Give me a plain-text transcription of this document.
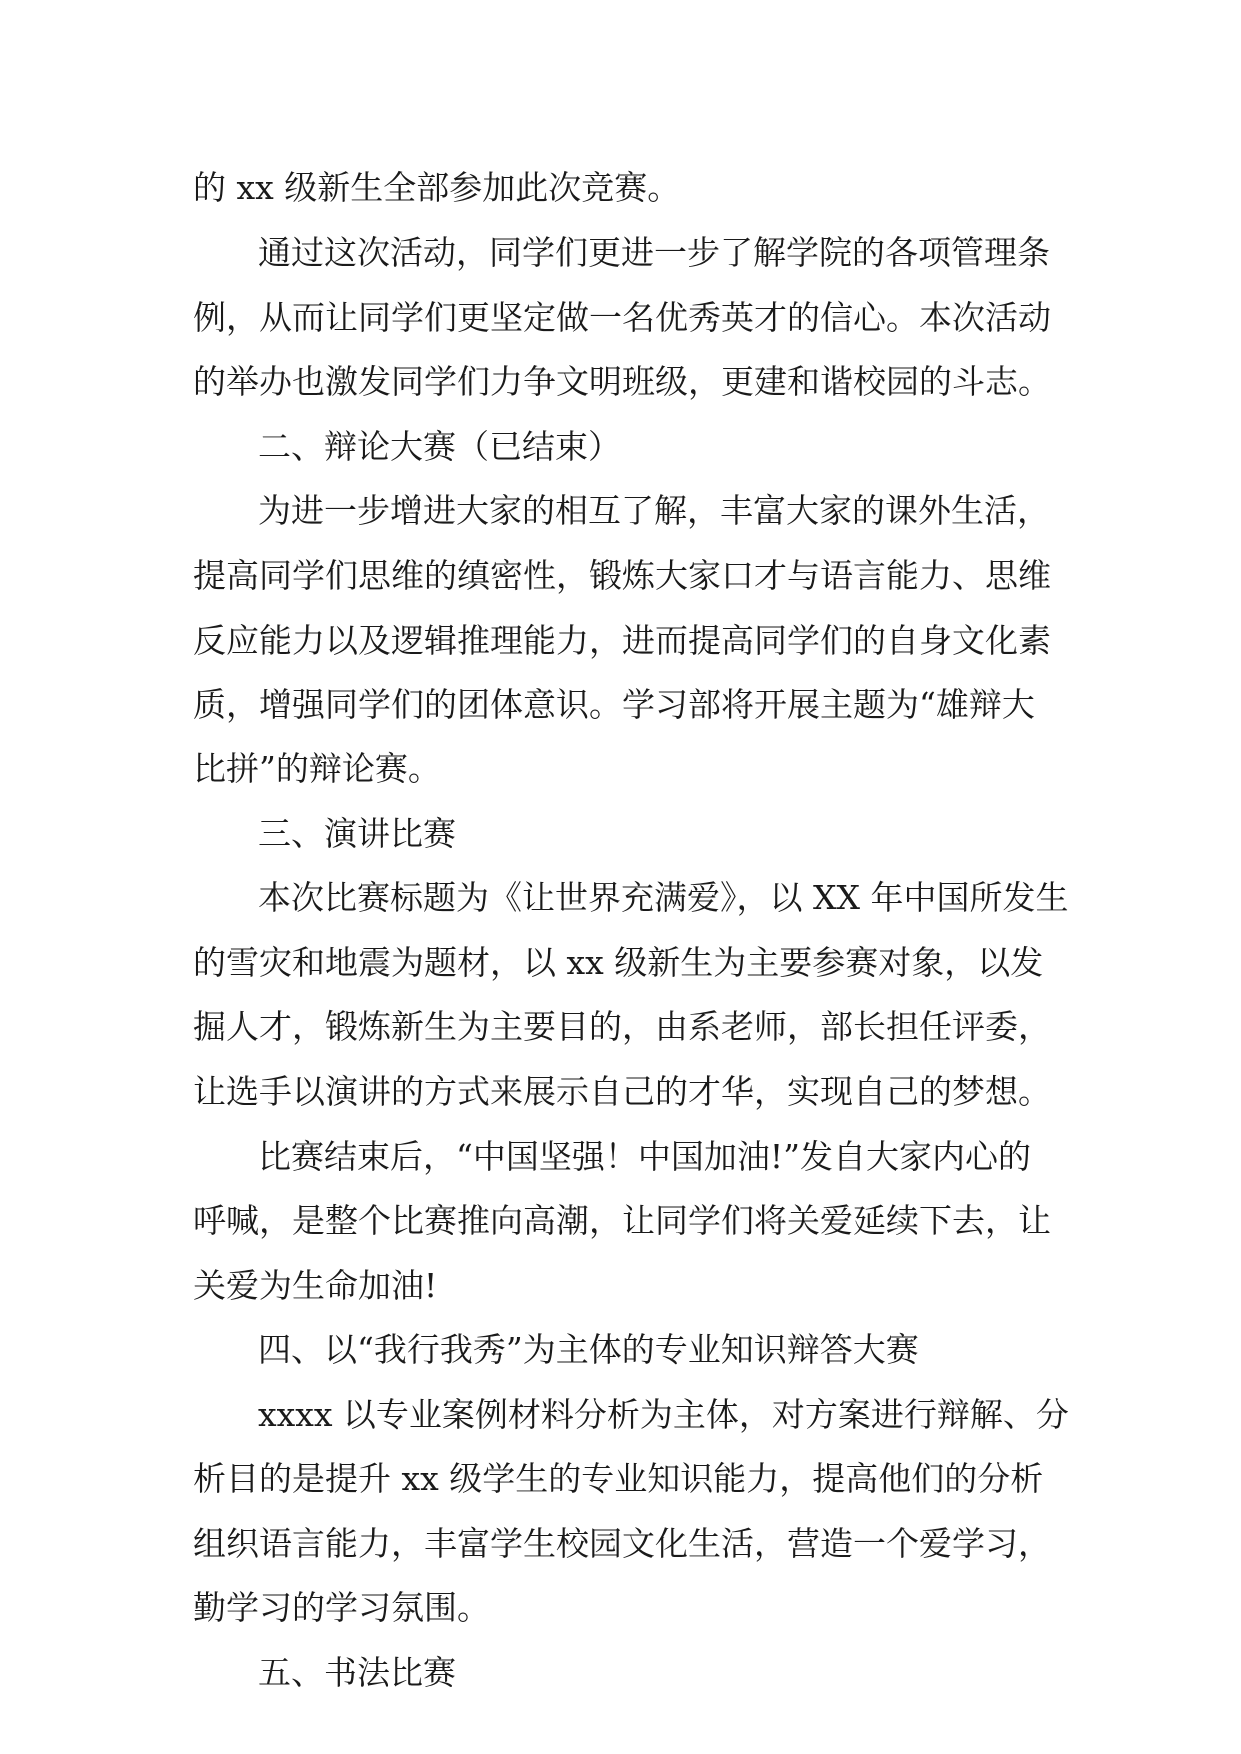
的 xx 级新生全部参加此次竞赛。
通过这次活动，同学们更进一步了解学院的各项管理条
例，从而让同学们更坚定做一名优秀英才的信心。本次活动
的举办也激发同学们力争文明班级，更建和谐校园的斗志。
二、辩论大赛（已结束）
为进一步增进大家的相互了解，丰富大家的课外生活，
提高同学们思维的缜密性，锻炼大家口才与语言能力、思维
反应能力以及逻辑推理能力，进而提高同学们的自身文化素
质，增强同学们的团体意识。学习部将开展主题为“雄辩大
比拼”的辩论赛。
三、演讲比赛
本次比赛标题为《让世界充满爱》，以 XX 年中国所发生
的雪灾和地震为题材，以 xx 级新生为主要参赛对象，以发
掘人才，锻炼新生为主要目的，由系老师，部长担任评委，
让选手以演讲的方式来展示自己的才华，实现自己的梦想。
比赛结束后，“中国坚强！中国加油!”发自大家内心的
呼喊，是整个比赛推向高潮，让同学们将关爱延续下去，让
关爱为生命加油!
四、以“我行我秀”为主体的专业知识辩答大赛
xxxx 以专业案例材料分析为主体，对方案进行辩解、分
析目的是提升 xx 级学生的专业知识能力，提高他们的分析
组织语言能力，丰富学生校园文化生活，营造一个爱学习，
勤学习的学习氛围。
五、书法比赛
